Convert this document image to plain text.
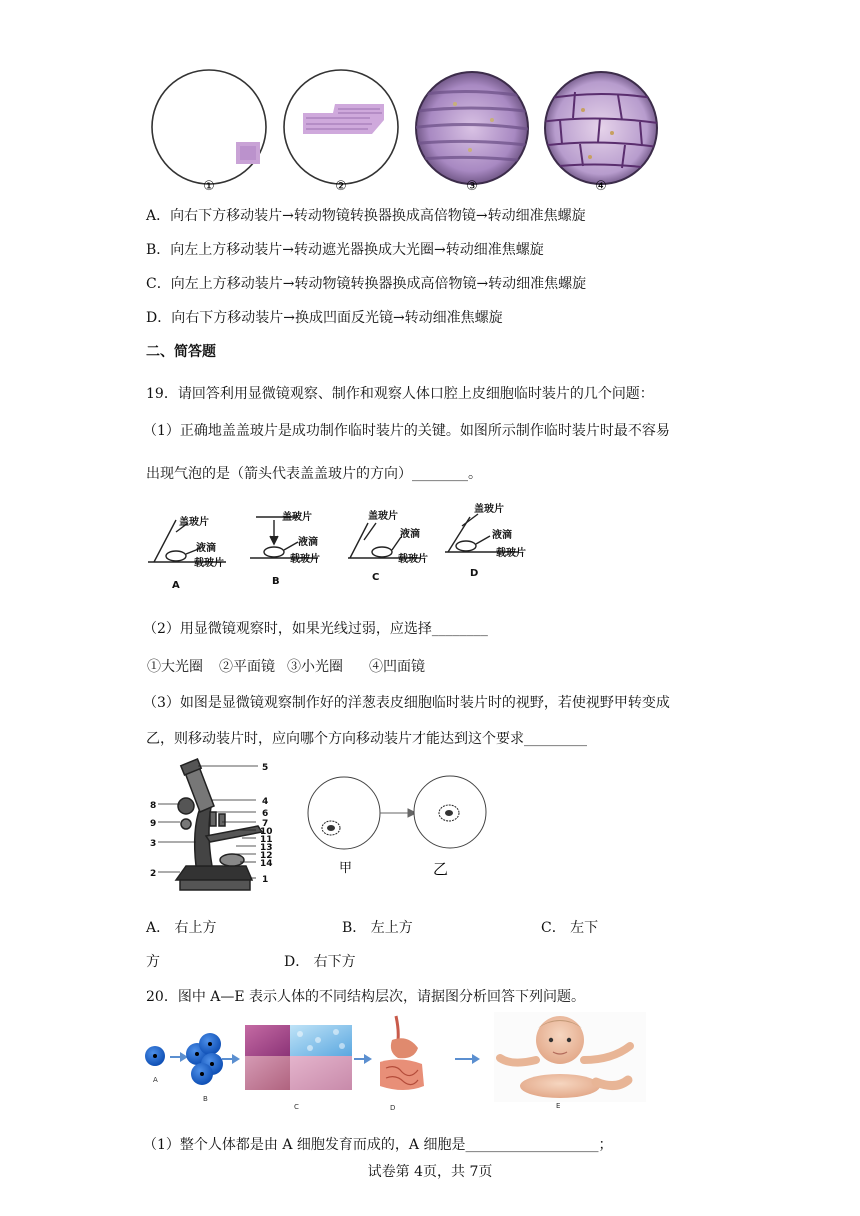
①	②	③	④
A．向右下方移动装片→转动物镜转换器换成高倍物镜→转动细准焦螺旋
B．向左上方移动装片→转动遮光器换成大光圈→转动细准焦螺旋
C．向左上方移动装片→转动物镜转换器换成高倍物镜→转动细准焦螺旋
D．向右下方移动装片→换成凹面反光镜→转动细准焦螺旋
二、简答题
19．请回答利用显微镜观察、制作和观察人体口腔上皮细胞临时装片的几个问题：
（1）正确地盖盖玻片是成功制作临时装片的关键。如图所示制作临时装片时最不容易
出现气泡的是（箭头代表盖盖玻片的方向）________。
盖玻片
液滴
载玻片
A
盖玻片
液滴
载玻片
B
盖玻片
液滴
载玻片
C
盖玻片
液滴
载玻片
D
（2）用显微镜观察时，如果光线过弱，应选择________
①大光圈 ②平面镜 ③小光圈 ④凹面镜
（3）如图是显微镜观察制作好的洋葱表皮细胞临时装片时的视野，若使视野甲转变成
乙，则移动装片时，应向哪个方向移动装片才能达到这个要求_________
5
4
6
7
10
11
13
12
14
1
8
9
3
2	甲	乙
A． 右上方	B． 左上方	C． 左下
方	D． 右下方
20．图中 A—E 表示人体的不同结构层次，请据图分析回答下列问题。
A
B
C	D	E
（1）整个人体都是由 A 细胞发育而成的，A 细胞是___________________；
试卷第 4页，共 7页
